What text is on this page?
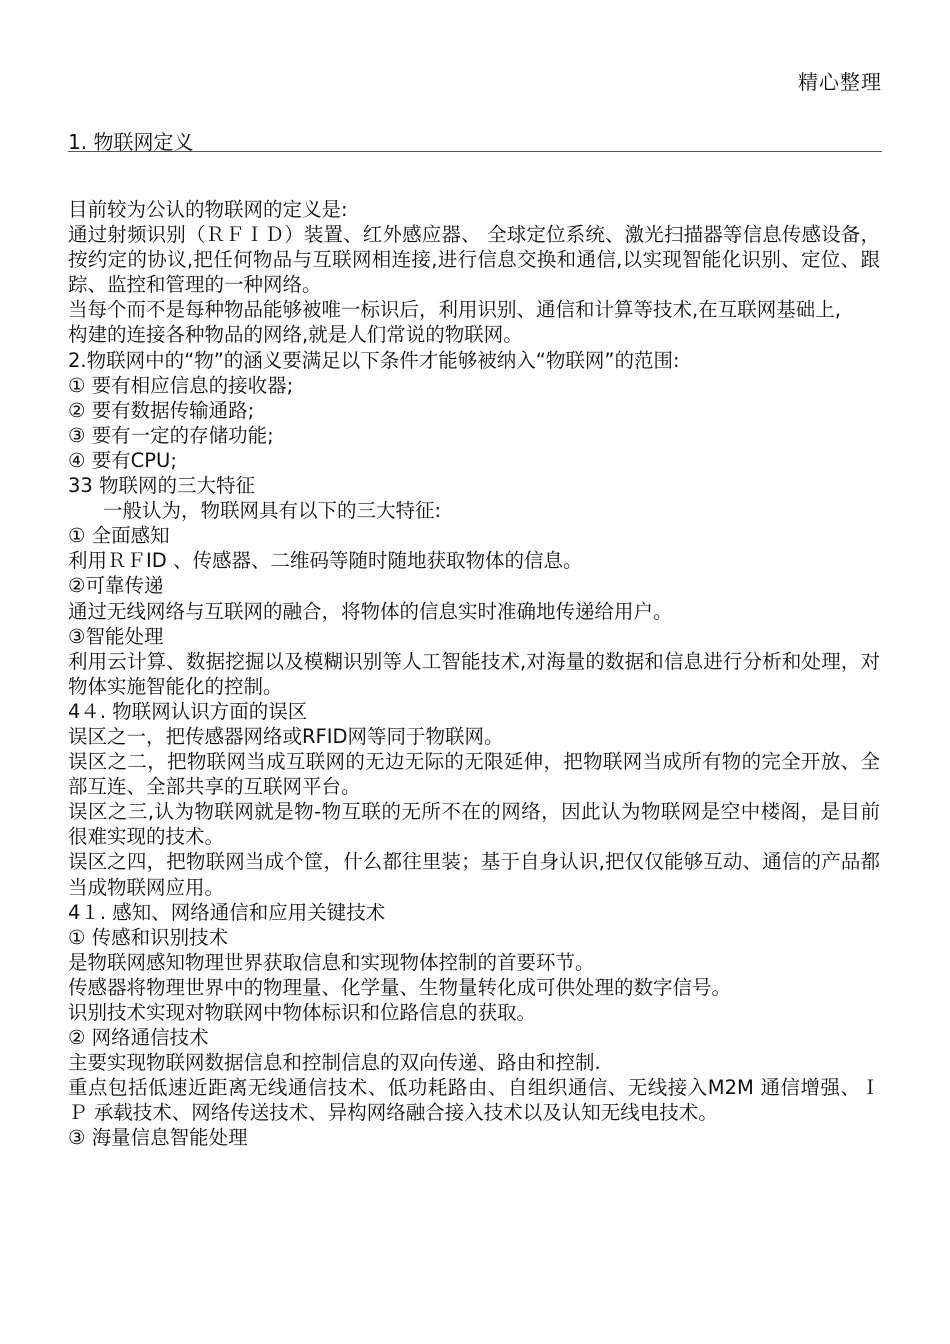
精心整理
1. 物联网定义

目前较为公认的物联网的定义是:

通过射频识别（ＲＦＩＤ）装置、红外感应器、 全球定位系统、激光扫描器等信息传感设备，按约定的协议,把任何物品与互联网相连接,进行信息交换和通信,以实现智能化识别、定位、跟踪、监控和管理的一种网络。

当每个而不是每种物品能够被唯一标识后，利用识别、通信和计算等技术,在互联网基础上,

构建的连接各种物品的网络,就是人们常说的物联网。

2.物联网中的“物”的涵义要满足以下条件才能够被纳入“物联网”的范围:

① 要有相应信息的接收器;

② 要有数据传输通路;

③ 要有一定的存储功能;

④ 要有CPU;

33 物联网的三大特征

一般认为，物联网具有以下的三大特征:

① 全面感知

利用ＲＦID 、传感器、二维码等随时随地获取物体的信息。

②可靠传递

通过无线网络与互联网的融合，将物体的信息实时准确地传递给用户。

③智能处理

利用云计算、数据挖掘以及模糊识别等人工智能技术,对海量的数据和信息进行分析和处理，对物体实施智能化的控制。

4４. 物联网认识方面的误区

误区之一，把传感器网络或RFID网等同于物联网。

误区之二，把物联网当成互联网的无边无际的无限延伸，把物联网当成所有物的完全开放、全部互连、全部共享的互联网平台。

误区之三,认为物联网就是物-物互联的无所不在的网络，因此认为物联网是空中楼阁，是目前很难实现的技术。

误区之四，把物联网当成个筐，什么都往里装；基于自身认识,把仅仅能够互动、通信的产品都当成物联网应用。

4１. 感知、网络通信和应用关键技术

① 传感和识别技术

是物联网感知物理世界获取信息和实现物体控制的首要环节。

传感器将物理世界中的物理量、化学量、生物量转化成可供处理的数字信号。

识别技术实现对物联网中物体标识和位路信息的获取。

② 网络通信技术

主要实现物联网数据信息和控制信息的双向传递、路由和控制.

重点包括低速近距离无线通信技术、低功耗路由、自组织通信、无线接入M2M 通信增强、ＩＰ 承载技术、网络传送技术、异构网络融合接入技术以及认知无线电技术。

③ 海量信息智能处理
